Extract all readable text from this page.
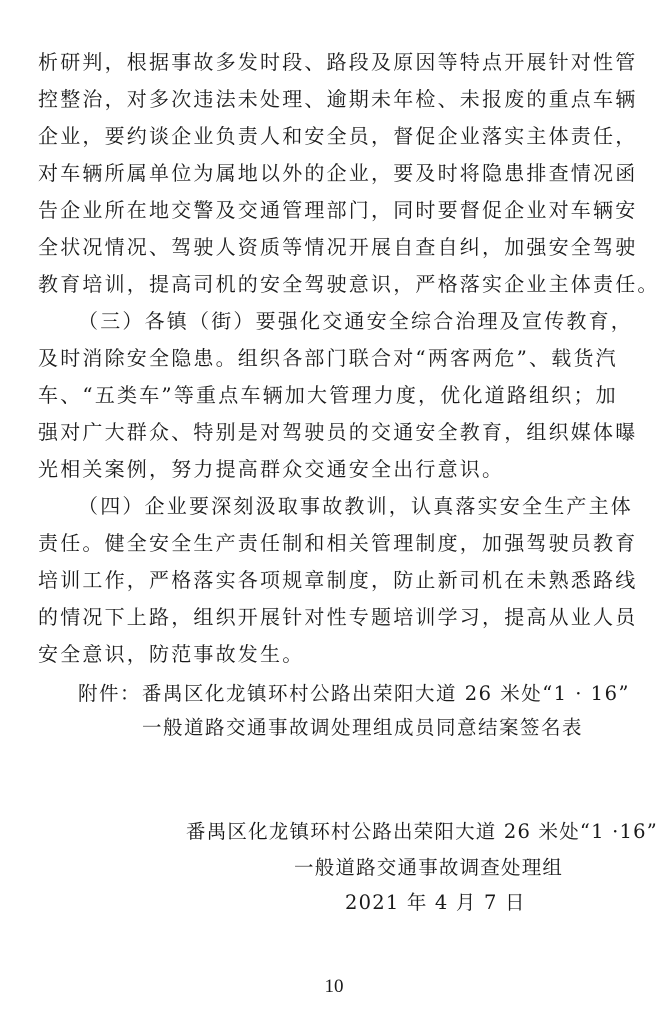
析研判，根据事故多发时段、路段及原因等特点开展针对性管
控整治，对多次违法未处理、逾期未年检、未报废的重点车辆
企业，要约谈企业负责人和安全员，督促企业落实主体责任，
对车辆所属单位为属地以外的企业，要及时将隐患排查情况函
告企业所在地交警及交通管理部门，同时要督促企业对车辆安
全状况情况、驾驶人资质等情况开展自查自纠，加强安全驾驶
教育培训，提高司机的安全驾驶意识，严格落实企业主体责任。
（三）各镇（街）要强化交通安全综合治理及宣传教育，
及时消除安全隐患。组织各部门联合对“两客两危”、载货汽
车、“五类车”等重点车辆加大管理力度，优化道路组织；加
强对广大群众、特别是对驾驶员的交通安全教育，组织媒体曝
光相关案例，努力提高群众交通安全出行意识。
（四）企业要深刻汲取事故教训，认真落实安全生产主体
责任。健全安全生产责任制和相关管理制度，加强驾驶员教育
培训工作，严格落实各项规章制度，防止新司机在未熟悉路线
的情况下上路，组织开展针对性专题培训学习，提高从业人员
安全意识，防范事故发生。
附件： 番禺区化龙镇环村公路出荣阳大道 26 米处“1 · 16”
一般道路交通事故调处理组成员同意结案签名表
番禺区化龙镇环村公路出荣阳大道 26 米处“1 ·16”
一般道路交通事故调查处理组
2021 年 4 月 7 日
10
